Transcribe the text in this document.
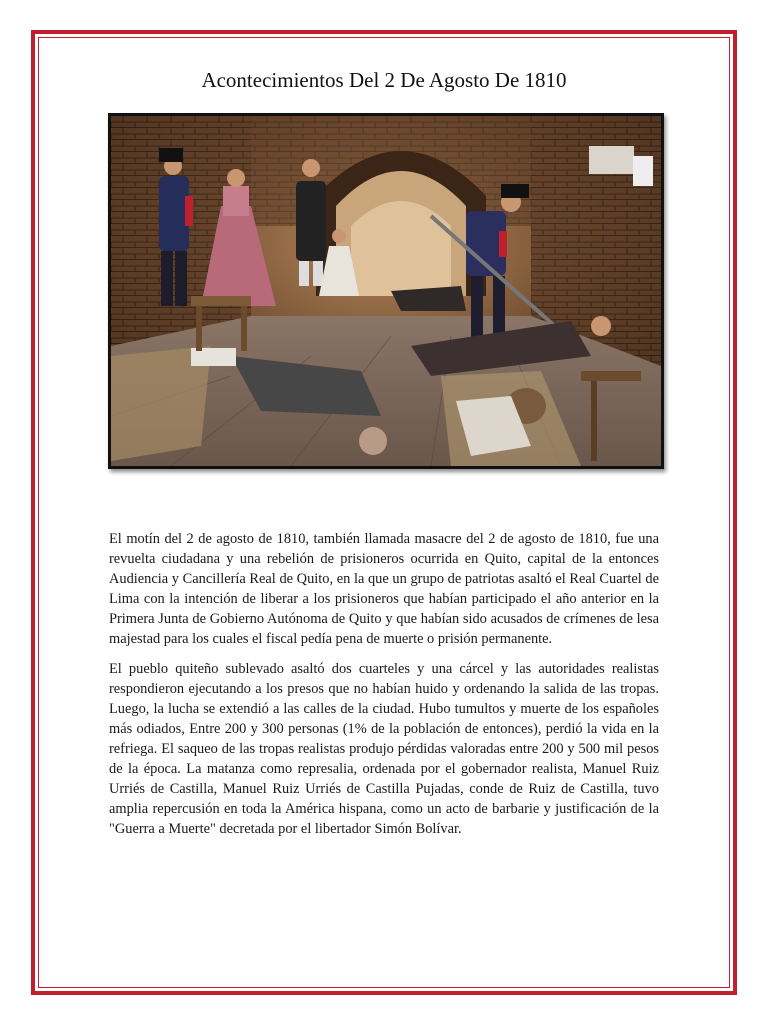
Acontecimientos Del 2 De Agosto De 1810

El motín del 2 de agosto de 1810, también llamada masacre del 2 de agosto de 1810, fue una revuelta ciudadana y una rebelión de prisioneros ocurrida en Quito, capital de la entonces Audiencia y Cancillería Real de Quito, en la que un grupo de patriotas asaltó el Real Cuartel de Lima con la intención de liberar a los prisioneros que habían participado el año anterior en la Primera Junta de Gobierno Autónoma de Quito y que habían sido acusados de crímenes de lesa majestad para los cuales el fiscal pedía pena de muerte o prisión permanente.

El pueblo quiteño sublevado asaltó dos cuarteles y una cárcel y las autoridades realistas respondieron ejecutando a los presos que no habían huido y ordenando la salida de las tropas. Luego, la lucha se extendió a las calles de la ciudad. Hubo tumultos y muerte de los españoles más odiados, Entre 200 y 300 personas (1% de la población de entonces), perdió la vida en la refriega. El saqueo de las tropas realistas produjo pérdidas valoradas entre 200 y 500 mil pesos de la época. La matanza como represalia, ordenada por el gobernador realista, Manuel Ruiz Urriés de Castilla, Manuel Ruiz Urriés de Castilla Pujadas, conde de Ruiz de Castilla, tuvo amplia repercusión en toda la América hispana, como un acto de barbarie y justificación de la "Guerra a Muerte" decretada por el libertador Simón Bolívar.
